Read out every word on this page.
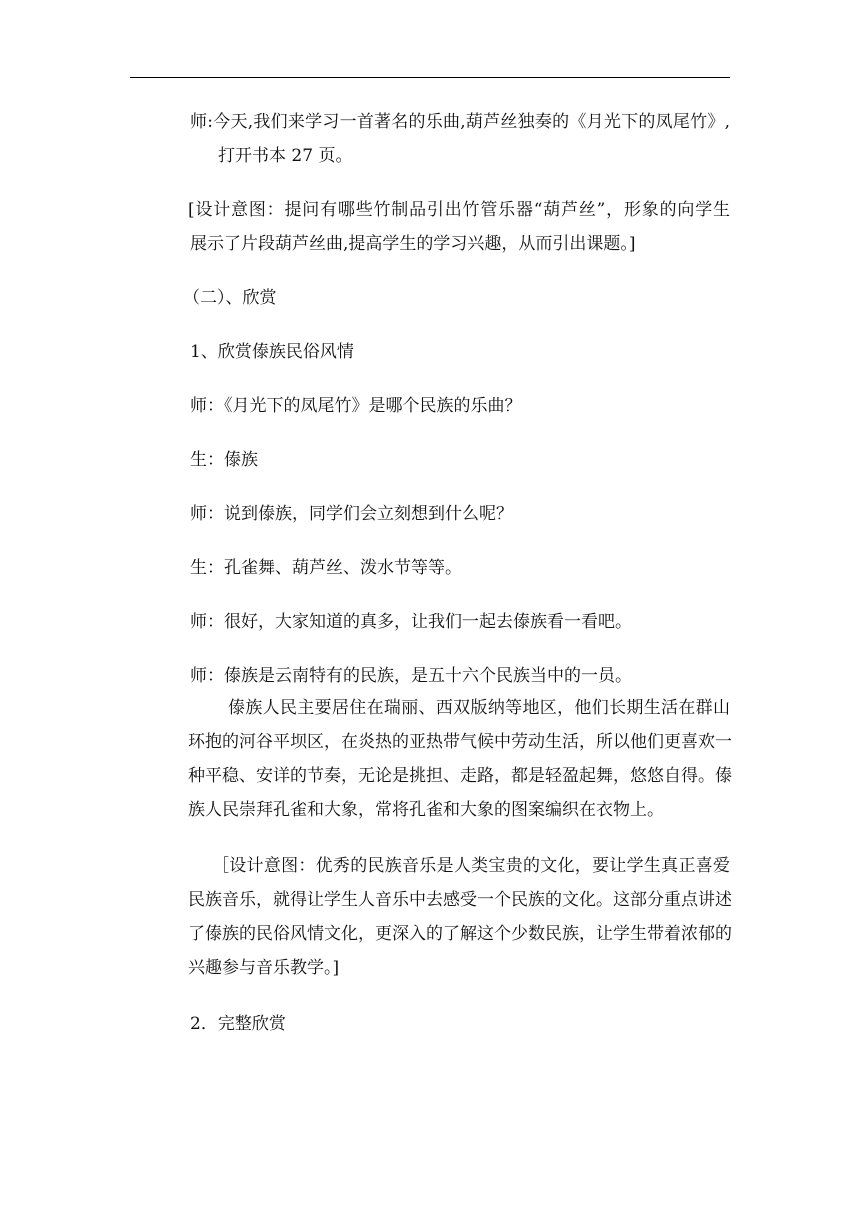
师:今天,我们来学习一首著名的乐曲,葫芦丝独奏的《月光下的凤尾竹》,
打开书本 27 页。
[设计意图：提问有哪些竹制品引出竹管乐器“葫芦丝”，形象的向学生
展示了片段葫芦丝曲,提高学生的学习兴趣，从而引出课题。]
（二）、欣赏
1、欣赏傣族民俗风情
师：《月光下的凤尾竹》是哪个民族的乐曲？
生：傣族
师：说到傣族，同学们会立刻想到什么呢？
生：孔雀舞、葫芦丝、泼水节等等。
师：很好，大家知道的真多，让我们一起去傣族看一看吧。
师：傣族是云南特有的民族，是五十六个民族当中的一员。
傣族人民主要居住在瑞丽、西双版纳等地区，他们长期生活在群山
环抱的河谷平坝区，在炎热的亚热带气候中劳动生活，所以他们更喜欢一
种平稳、安详的节奏，无论是挑担、走路，都是轻盈起舞，悠悠自得。傣
族人民崇拜孔雀和大象，常将孔雀和大象的图案编织在衣物上。
［设计意图：优秀的民族音乐是人类宝贵的文化，要让学生真正喜爱
民族音乐，就得让学生人音乐中去感受一个民族的文化。这部分重点讲述
了傣族的民俗风情文化，更深入的了解这个少数民族，让学生带着浓郁的
兴趣参与音乐教学。]
2．完整欣赏
